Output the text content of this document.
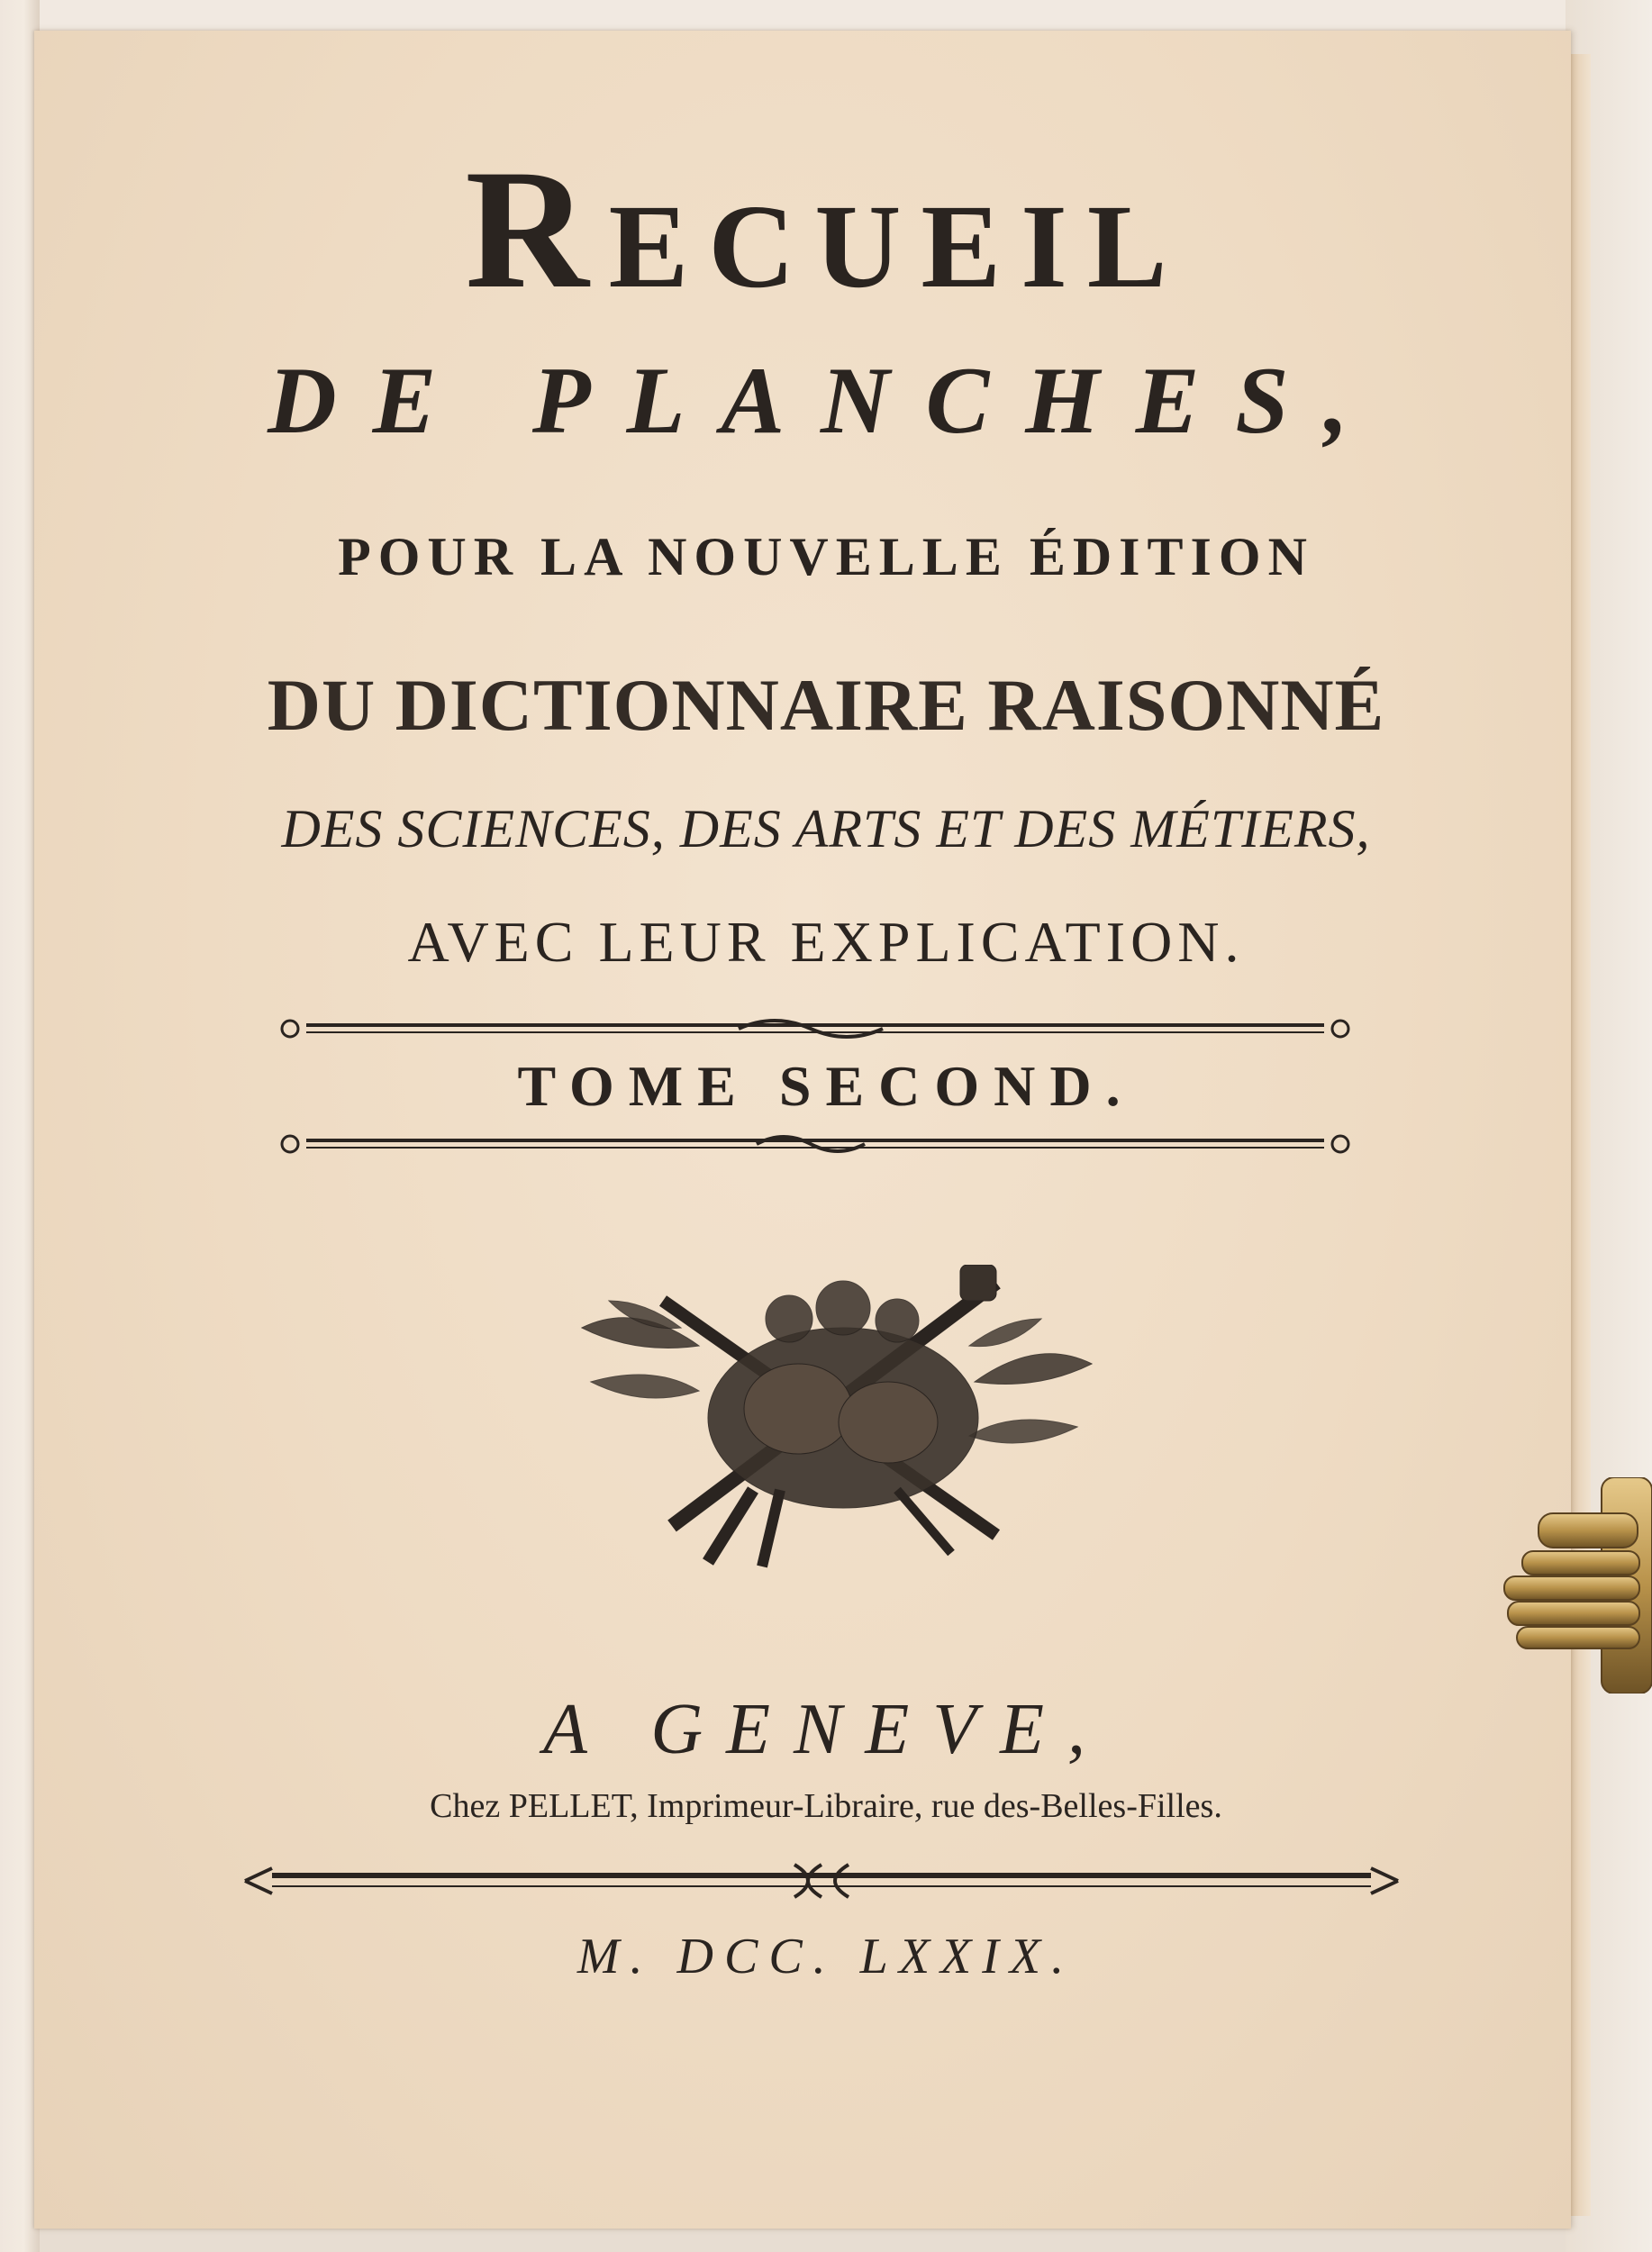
Recueil
DE PLANCHES,
POUR LA NOUVELLE ÉDITION
DU DICTIONNAIRE RAISONNÉ
DES SCIENCES, DES ARTS ET DES MÉTIERS,
AVEC LEUR EXPLICATION.
TOME SECOND.
A GENEVE,
Chez PELLET, Imprimeur-Libraire, rue des-Belles-Filles.
M. DCC. LXXIX.
